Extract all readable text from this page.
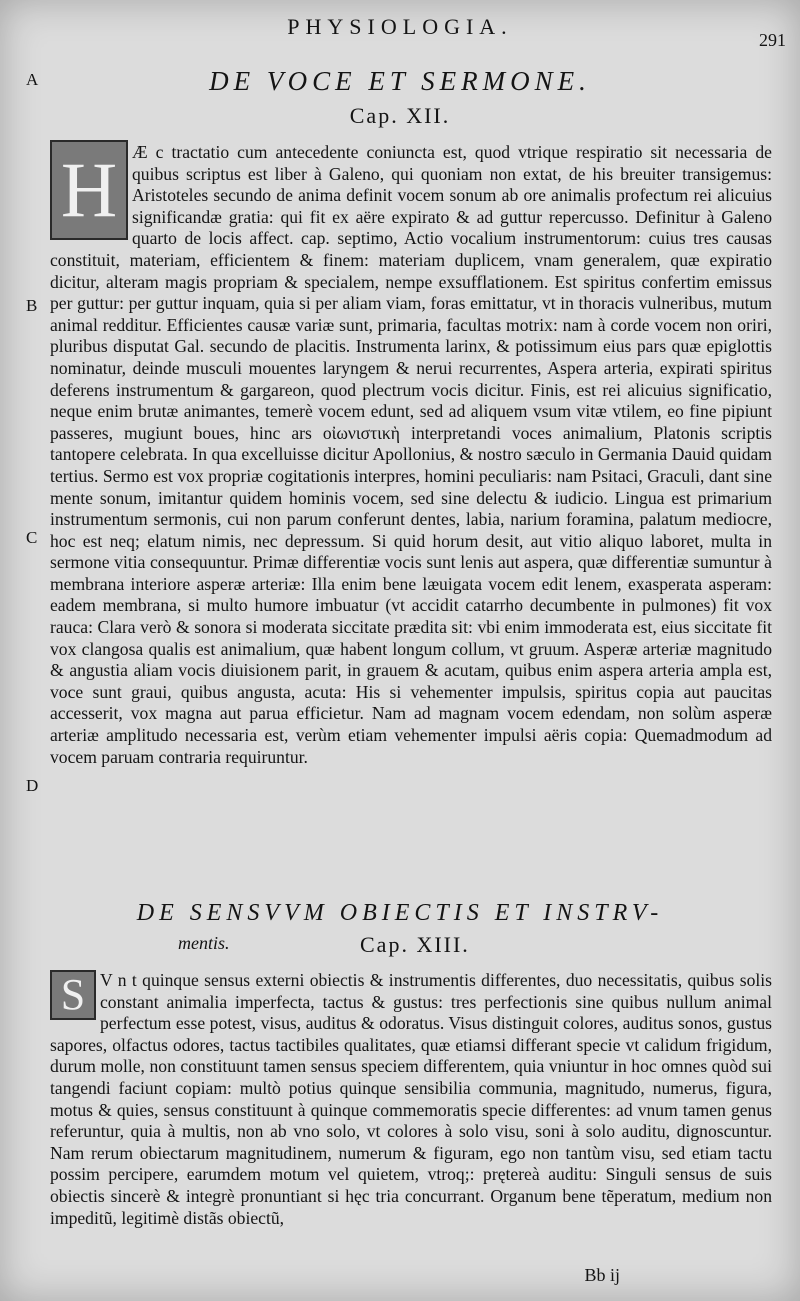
PHYSIOLOGIA.
291
A
B
C
D
DE VOCE ET SERMONE.
Cap. XII.
H Æ c tractatio cum antecedente coniuncta est, quod vtrique respiratio sit necessaria de quibus scriptus est liber à Galeno, qui quoniam non extat, de his breuiter transigemus: Aristoteles secundo de anima definit vocem sonum ab ore animalis profectum rei alicuius significandæ gratia: qui fit ex aëre expirato & ad guttur repercusso. Definitur à Galeno quarto de locis affect. cap. septimo, Actio vocalium instrumentorum: cuius tres causas constituit, materiam, efficientem & finem: materiam duplicem, vnam generalem, quæ expiratio dicitur, alteram magis propriam & specialem, nempe exsufflationem. Est spiritus confertim emissus per guttur: per guttur inquam, quia si per aliam viam, foras emittatur, vt in thoracis vulneribus, mutum animal redditur. Efficientes causæ variæ sunt, primaria, facultas motrix: nam à corde vocem non oriri, pluribus disputat Gal. secundo de placitis. Instrumenta larinx, & potissimum eius pars quæ epiglottis nominatur, deinde musculi mouentes laryngem & nerui recurrentes, Aspera arteria, expirati spiritus deferens instrumentum & gargareon, quod plectrum vocis dicitur. Finis, est rei alicuius significatio, neque enim brutæ animantes, temerè vocem edunt, sed ad aliquem vsum vitæ vtilem, eo fine pipiunt passeres, mugiunt boues, hinc ars οἰωνιστικὴ interpretandi voces animalium, Platonis scriptis tantopere celebrata. In qua excelluisse dicitur Apollonius, & nostro sæculo in Germania Dauid quidam tertius. Sermo est vox propriæ cogitationis interpres, homini peculiaris: nam Psitaci, Graculi, dant sine mente sonum, imitantur quidem hominis vocem, sed sine delectu & iudicio. Lingua est primarium instrumentum sermonis, cui non parum conferunt dentes, labia, narium foramina, palatum mediocre, hoc est neq; elatum nimis, nec depressum. Si quid horum desit, aut vitio aliquo laboret, multa in sermone vitia consequuntur. Primæ differentiæ vocis sunt lenis aut aspera, quæ differentiæ sumuntur à membrana interiore asperæ arteriæ: Illa enim bene læuigata vocem edit lenem, exasperata asperam: eadem membrana, si multo humore imbuatur (vt accidit catarrho decumbente in pulmones) fit vox rauca: Clara verò & sonora si moderata siccitate prædita sit: vbi enim immoderata est, eius siccitate fit vox clangosa qualis est animalium, quæ habent longum collum, vt gruum. Asperæ arteriæ magnitudo & angustia aliam vocis diuisionem parit, in grauem & acutam, quibus enim aspera arteria ampla est, voce sunt graui, quibus angusta, acuta: His si vehementer impulsis, spiritus copia aut paucitas accesserit, vox magna aut parua efficietur. Nam ad magnam vocem edendam, non solùm asperæ arteriæ amplitudo necessaria est, verùm etiam vehementer impulsi aëris copia: Quemadmodum ad vocem paruam contraria requiruntur.

DE SENSVVM OBIECTIS ET INSTRV-
mentis.	Cap. XIII.
S V n t quinque sensus externi obiectis & instrumentis differentes, duo necessitatis, quibus solis constant animalia imperfecta, tactus & gustus: tres perfectionis sine quibus nullum animal perfectum esse potest, visus, auditus & odoratus. Visus distinguit colores, auditus sonos, gustus sapores, olfactus odores, tactus tactibiles qualitates, quæ etiamsi differant specie vt calidum frigidum, durum molle, non constituunt tamen sensus speciem differentem, quia vniuntur in hoc omnes quòd sui tangendi faciunt copiam: multò potius quinque sensibilia communia, magnitudo, numerus, figura, motus & quies, sensus constituunt à quinque commemoratis specie differentes: ad vnum tamen genus referuntur, quia à multis, non ab vno solo, vt colores à solo visu, soni à solo auditu, dignoscuntur. Nam rerum obiectarum magnitudinem, numerum & figuram, ego non tantùm visu, sed etiam tactu possim percipere, earumdem motum vel quietem, vtroq;: prętereà auditu: Singuli sensus de suis obiectis sincerè & integrè pronuntiant si hęc tria concurrant. Organum bene tẽperatum, medium non impeditũ, legitimè distãs obiectũ,

Bb ij
